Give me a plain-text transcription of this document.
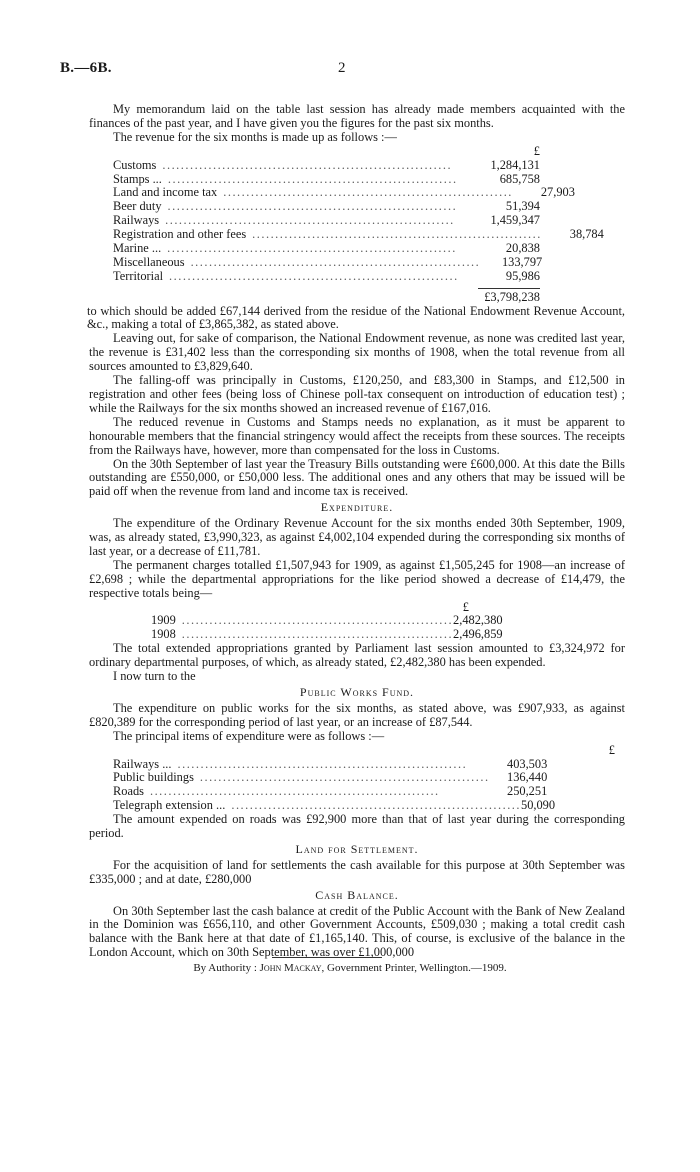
B.—6B.	2

My memorandum laid on the table last session has already made members acquainted with the finances of the past year, and I have given you the figures for the past six months.

The revenue for the six months is made up as follows :—

£
Customs ...............................................................	1,284,131
Stamps ... ...............................................................	685,758
Land and income tax ...............................................................	27,903
Beer duty ...............................................................	51,394
Railways ...............................................................	1,459,347
Registration and other fees ...............................................................	38,784
Marine ... ...............................................................	20,838
Miscellaneous ...............................................................	133,797
Territorial ...............................................................	95,986
£3,798,238

to which should be added £67,144 derived from the residue of the National Endowment Revenue Account, &c., making a total of £3,865,382, as stated above.

Leaving out, for sake of comparison, the National Endowment revenue, as none was credited last year, the revenue is £31,402 less than the corresponding six months of 1908, when the total revenue from all sources amounted to £3,829,640.

The falling-off was principally in Customs, £120,250, and £83,300 in Stamps, and £12,500 in registration and other fees (being loss of Chinese poll-tax consequent on introduction of education test) ; while the Railways for the six months showed an increased revenue of £167,016.

The reduced revenue in Customs and Stamps needs no explanation, as it must be apparent to honourable members that the financial stringency would affect the receipts from these sources. The receipts from the Railways have, however, more than compensated for the loss in Customs.

On the 30th September of last year the Treasury Bills outstanding were £600,000. At this date the Bills outstanding are £550,000, or £50,000 less. The additional ones and any others that may be issued will be paid off when the revenue from land and income tax is received.

Expenditure.

The expenditure of the Ordinary Revenue Account for the six months ended 30th September, 1909, was, as already stated, £3,990,323, as against £4,002,104 expended during the corresponding six months of last year, or a decrease of £11,781.

The permanent charges totalled £1,507,943 for 1909, as against £1,505,245 for 1908—an increase of £2,698 ; while the departmental appropriations for the like period showed a decrease of £14,479, the respective totals being—

£
1909 ........................................................... 2,482,380
1908 ........................................................... 2,496,859

The total extended appropriations granted by Parliament last session amounted to £3,324,972 for ordinary departmental purposes, of which, as already stated, £2,482,380 has been expended.

I now turn to the

Public Works Fund.

The expenditure on public works for the six months, as stated above, was £907,933, as against £820,389 for the corresponding period of last year, or an increase of £87,544.

The principal items of expenditure were as follows :—

£
Railways ... ...............................................................	403,503
Public buildings ...............................................................	136,440
Roads ...............................................................	250,251
Telegraph extension ... ............................................................... 50,090

The amount expended on roads was £92,900 more than that of last year during the corresponding period.

Land for Settlement.

For the acquisition of land for settlements the cash available for this purpose at 30th September was £335,000 ; and at date, £280,000

Cash Balance.

On 30th September last the cash balance at credit of the Public Account with the Bank of New Zealand in the Dominion was £656,110, and other Government Accounts, £509,030 ; making a total credit cash balance with the Bank here at that date of £1,165,140. This, of course, is exclusive of the balance in the London Account, which on 30th September, was over £1,000,000

By Authority : John Mackay, Government Printer, Wellington.—1909.
